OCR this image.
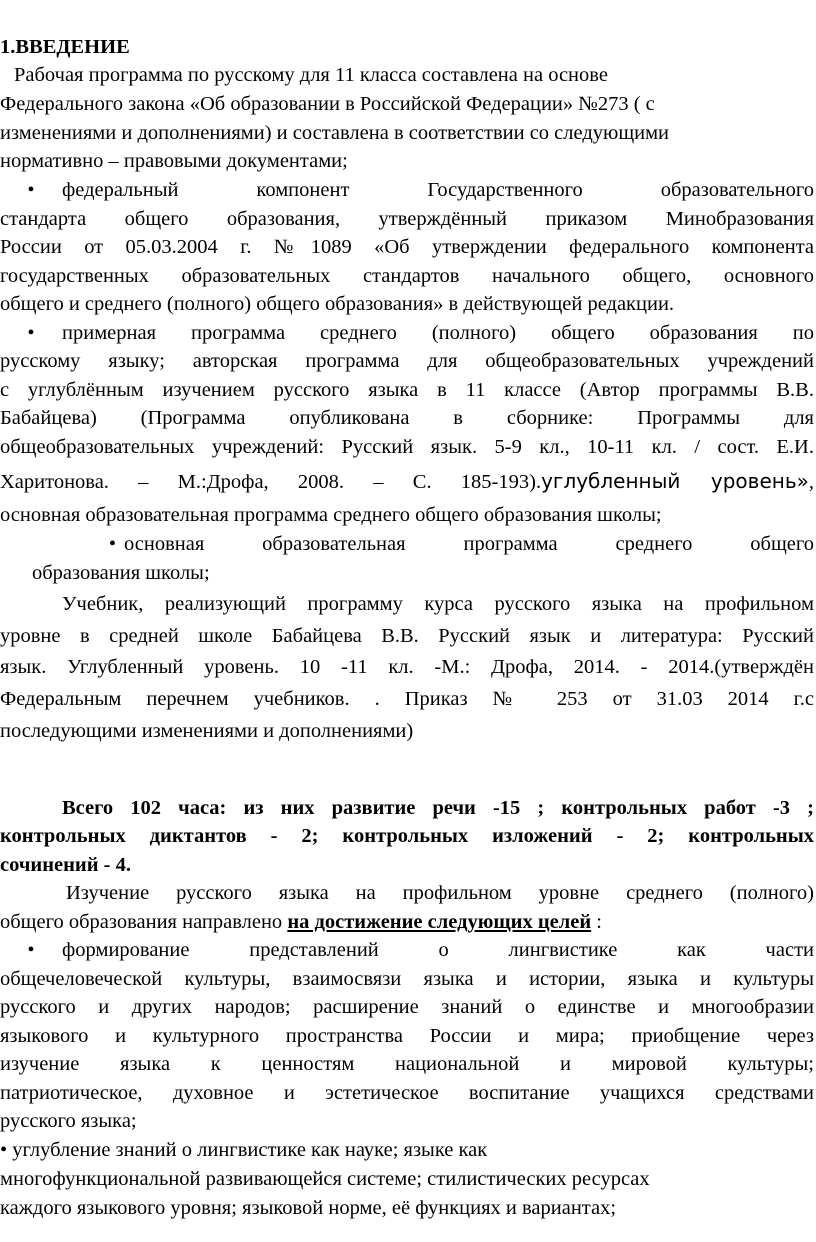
1.ВВЕДЕНИЕ

Рабочая программа по русскому для 11 класса составлена на основе

Федерального закона «Об образовании в Российской Федерации» №273 ( с

изменениями и дополнениями) и составлена в соответствии со следующими

нормативно – правовыми документами;

• федеральный компонент Государственного образовательного

стандарта общего образования, утверждённый приказом Минобразования

России от 05.03.2004 г. №1089 «Об утверждении федерального компонента

государственных образовательных стандартов начального общего, основного

общего и среднего (полного) общего образования» в действующей редакции.

• примерная программа среднего (полного) общего образования по

русскому языку; авторская программа для общеобразовательных учреждений

с углублённым изучением русского языка в 11 классе (Автор программы В.В.

Бабайцева) (Программа опубликована в сборнике: Программы для

общеобразовательных учреждений: Русский язык. 5-9 кл., 10-11 кл. / сост. Е.И.

Харитонова. – М.:Дрофа, 2008. – С. 185-193).углубленный уровень»,

основная образовательная программа среднего общего образования школы;

• основная образовательная программа среднего общего

образования школы;

Учебник, реализующий программу курса русского языка на профильном

уровне в средней школе Бабайцева В.В. Русский язык и литература: Русский

язык. Углубленный уровень. 10 -11 кл. -М.: Дрофа, 2014. - 2014.(утверждён

Федеральным перечнем учебников. . Приказ № 253 от 31.03 2014 г.с

последующими изменениями и дополнениями)

Всего 102 часа: из них развитие речи -15 ; контрольных работ -3 ;

контрольных диктантов - 2; контрольных изложений - 2; контрольных

сочинений - 4.

Изучение русского языка на профильном уровне среднего (полного)

общего образования направлено на достижение следующих целей :

• формирование представлений о лингвистике как части

общечеловеческой культуры, взаимосвязи языка и истории, языка и культуры

русского и других народов; расширение знаний о единстве и многообразии

языкового и культурного пространства России и мира; приобщение через

изучение языка к ценностям национальной и мировой культуры;

патриотическое, духовное и эстетическое воспитание учащихся средствами

русского языка;

• углубление знаний о лингвистике как науке; языке как

многофункциональной развивающейся системе; стилистических ресурсах

каждого языкового уровня; языковой норме, её функциях и вариантах;
